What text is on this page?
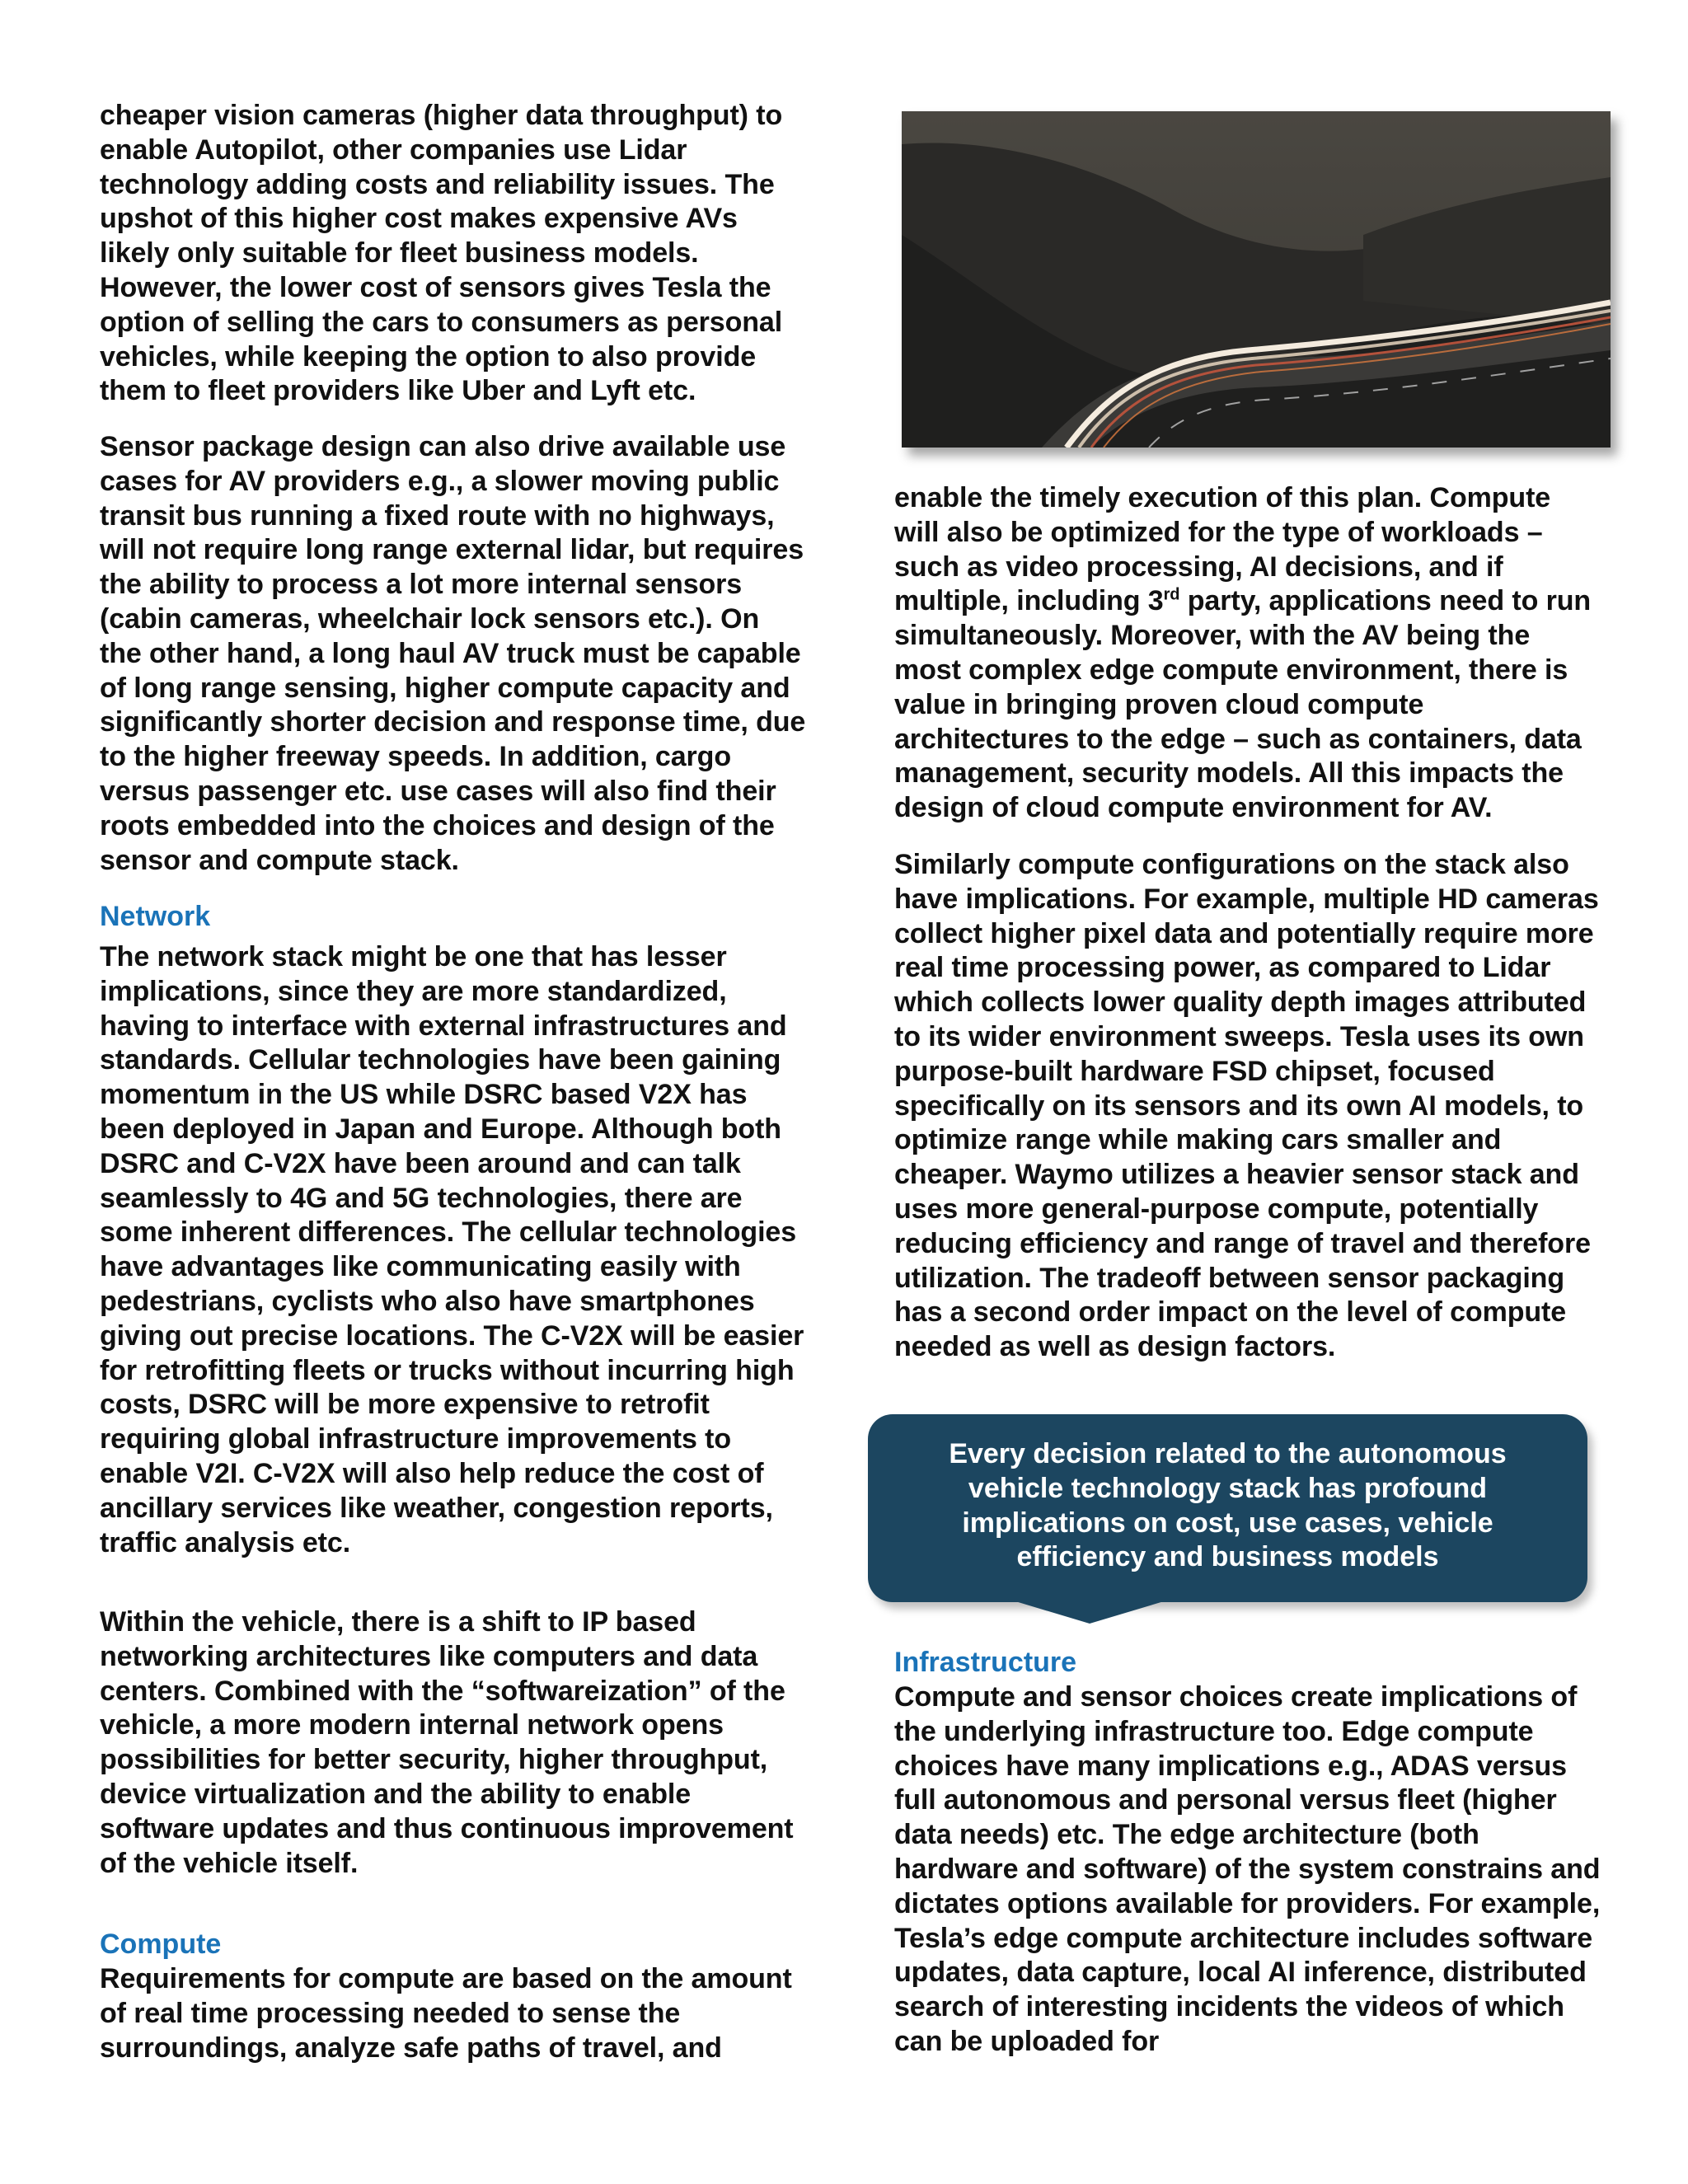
cheaper vision cameras (higher data throughput) to enable Autopilot, other companies use Lidar technology adding costs and reliability issues. The upshot of this higher cost makes expensive AVs likely only suitable for fleet business models. However, the lower cost of sensors gives Tesla the option of selling the cars to consumers as personal vehicles, while keeping the option to also provide them to fleet providers like Uber and Lyft etc.

Sensor package design can also drive available use cases for AV providers e.g., a slower moving public transit bus running a fixed route with no highways, will not require long range external lidar, but requires the ability to process a lot more internal sensors (cabin cameras, wheelchair lock sensors etc.). On the other hand, a long haul AV truck must be capable of long range sensing, higher compute capacity and significantly shorter decision and response time, due to the higher freeway speeds. In addition, cargo versus passenger etc. use cases will also find their roots embedded into the choices and design of the sensor and compute stack.

Network

The network stack might be one that has lesser implications, since they are more standardized, having to interface with external infrastructures and standards. Cellular technologies have been gaining momentum in the US while DSRC based V2X has been deployed in Japan and Europe. Although both DSRC and C-V2X have been around and can talk seamlessly to 4G and 5G technologies, there are some inherent differences. The cellular technologies have advantages like communicating easily with pedestrians, cyclists who also have smartphones giving out precise locations. The C-V2X will be easier for retrofitting fleets or trucks without incurring high costs, DSRC will be more expensive to retrofit requiring global infrastructure improvements to enable V2I. C-V2X will also help reduce the cost of ancillary services like weather, congestion reports, traffic analysis etc.

Within the vehicle, there is a shift to IP based networking architectures like computers and data centers. Combined with the “softwareization” of the vehicle, a more modern internal network opens possibilities for better security, higher throughput, device virtualization and the ability to enable software updates and thus continuous improvement of the vehicle itself.

Compute

Requirements for compute are based on the amount of real time processing needed to sense the surroundings, analyze safe paths of travel, and

enable the timely execution of this plan. Compute will also be optimized for the type of workloads – such as video processing, AI decisions, and if multiple, including 3rd party, applications need to run simultaneously. Moreover, with the AV being the most complex edge compute environment, there is value in bringing proven cloud compute architectures to the edge – such as containers, data management, security models. All this impacts the design of cloud compute environment for AV.

Similarly compute configurations on the stack also have implications. For example, multiple HD cameras collect higher pixel data and potentially require more real time processing power, as compared to Lidar which collects lower quality depth images attributed to its wider environment sweeps. Tesla uses its own purpose-built hardware FSD chipset, focused specifically on its sensors and its own AI models, to optimize range while making cars smaller and cheaper. Waymo utilizes a heavier sensor stack and uses more general-purpose compute, potentially reducing efficiency and range of travel and therefore utilization. The tradeoff between sensor packaging has a second order impact on the level of compute needed as well as design factors.

Infrastructure

Compute and sensor choices create implications of the underlying infrastructure too. Edge compute choices have many implications e.g., ADAS versus full autonomous and personal versus fleet (higher data needs) etc. The edge architecture (both hardware and software) of the system constrains and dictates options available for providers. For example, Tesla’s edge compute architecture includes software updates, data capture, local AI inference, distributed search of interesting incidents the videos of which can be uploaded for

Every decision related to the autonomous vehicle technology stack has profound implications on cost, use cases, vehicle efficiency and business models
